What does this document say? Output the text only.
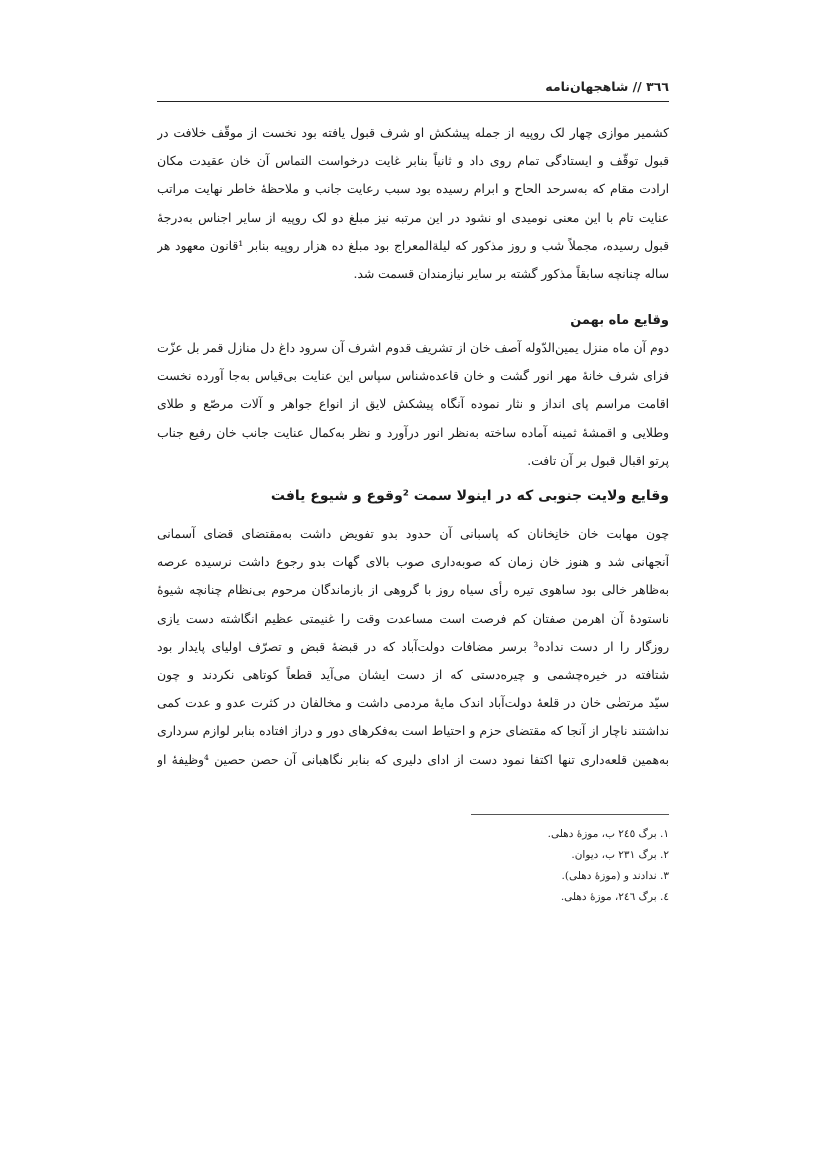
٣٦٦ // شاهجهان‌نامه
کشمیر موازی چهار لک روپیه از جمله پیشکش او شرف قبول یافته بود نخست از موقّف خلافت در
قبول توقّف و ایستادگی تمام روی داد و ثانیاً بنابر غایت درخواست التماس آن خان عقیدت مکان
ارادت مقام که به‌سرحد الحاح و ابرام رسیده بود سبب رعایت جانب و ملاحظهٔ خاطر نهایت مراتب
عنایت تام با این معنی نومیدی او نشود در این مرتبه نیز مبلغ دو لک روپیه از سایر اجناس به‌درجهٔ
قبول رسیده، مجملاً شب و روز مذکور که لیلةالمعراج بود مبلغ ده هزار روپیه بنابر ¹قانون معهود هر
ساله چنانچه سابقاً مذکور گشته بر سایر نیازمندان قسمت شد.
وقایع ماه بهمن
دوم آن ماه منزل یمین‌الدّوله آصف خان از تشریف قدوم اشرف آن سرود داغ دل منازل قمر بل عزّت
فزای شرف خانهٔ مهر انور گشت و خان قاعده‌شناس سپاس این عنایت بی‌قیاس به‌جا آورده نخست
اقامت مراسم پای انداز و نثار نموده آنگاه پیشکش لایق از انواع جواهر و آلات مرصّع و طلای
وطلایی و اقمشهٔ ثمینه آماده ساخته به‌نظر انور درآورد و نظر به‌کمال عنایت جانب خان رفیع جناب
پرتو اقبال قبول بر آن تافت.
وقایع ولایت جنوبی که در اینولا سمت ²وقوع و شیوع یافت
چون مهابت خان خانِخانان که پاسبانی آن حدود بدو تفویض داشت به‌مقتضای قضای آسمانی
آنجهانی شد و هنوز خان زمان که صوبه‌داری صوب بالای گهات بدو رجوع داشت نرسیده عرصه
به‌ظاهر خالی بود ساهوی تیره رأی سیاه روز با گروهی از بازماندگان مرحوم بی‌نظام چنانچه شیوهٔ
ناستودهٔ آن اهرمن صفتان کم فرصت است مساعدت وقت را غنیمتی عظیم انگاشته دست یازی
روزگار را ار دست نداده³ برسر مضافات دولت‌آباد که در قبضهٔ قبض و تصرّف اولیای پایدار بود
شتافته در خیره‌چشمی و چیره‌دستی که از دست ایشان می‌آید قطعاً کوتاهی نکردند و چون
سیّد مرتضٰی خان در قلعهٔ دولت‌آباد اندک مایهٔ مردمی داشت و مخالفان در کثرت عدو و عدت کمی
نداشتند ناچار از آنجا که مقتضای حزم و احتیاط است به‌فکرهای دور و دراز افتاده بنابر لوازم سرداری
به‌همین قلعه‌داری تنها اکتفا نمود دست از ادای دلیری که بنابر نگاهبانی آن حصن حصین ⁴وظیفهٔ او
١. برگ ٢٤٥ ب، موزهٔ دهلی.
٢. برگ ٢٣١ ب، دیوان.
٣. ندادند و (موزهٔ دهلی).
٤. برگ ٢٤٦، موزهٔ دهلی.
